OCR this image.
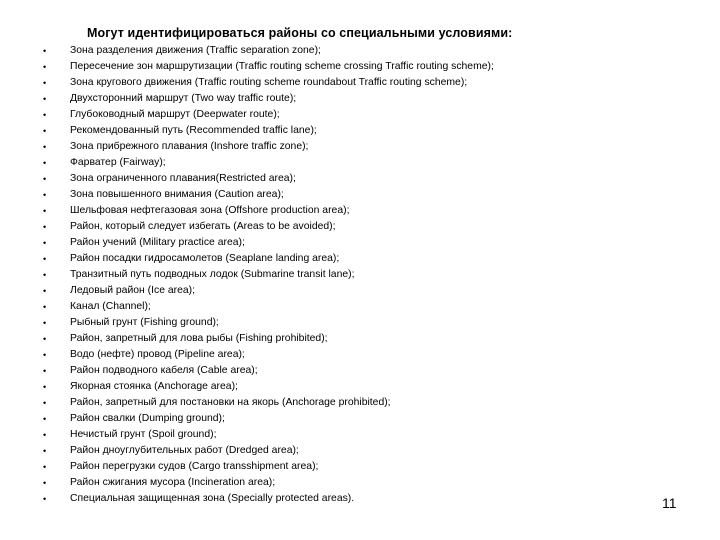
Могут идентифицироваться районы со специальными условиями:
• Зона разделения движения (Traffic separation zone);
• Пересечение зон маршрутизации (Traffic routing scheme crossing Traffic routing scheme);
• Зона кругового движения (Traffic routing scheme roundabout Traffic routing scheme);
• Двухсторонний маршрут (Two way traffic route);
• Глубоководный маршрут (Deepwater route);
• Рекомендованный путь (Recommended traffic lane);
• Зона прибрежного плавания (Inshore traffic zone);
• Фарватер (Fairway);
• Зона ограниченного плавания(Restricted area);
• Зона повышенного внимания (Caution area);
• Шельфовая нефтегазовая зона (Offshore production area);
• Район, который следует избегать (Areas to be avoided);
• Район учений (Military practice area);
• Район посадки гидросамолетов (Seaplane landing area);
• Транзитный путь подводных лодок (Submarine transit lane);
• Ледовый район (Ice area);
• Канал (Channel);
• Рыбный грунт (Fishing ground);
• Район, запретный для лова рыбы (Fishing prohibited);
• Водо (нефте) провод (Pipeline area);
• Район подводного кабеля (Cable area);
• Якорная стоянка (Anchorage area);
• Район, запретный для постановки на якорь (Anchorage prohibited);
• Район свалки (Dumping ground);
• Нечистый грунт (Spoil ground);
• Район дноуглубительных работ (Dredged area);
• Район перегрузки судов (Cargo transshipment area);
• Район сжигания мусора (Incineration area);
• Специальная защищенная зона (Specially protected areas).	11
